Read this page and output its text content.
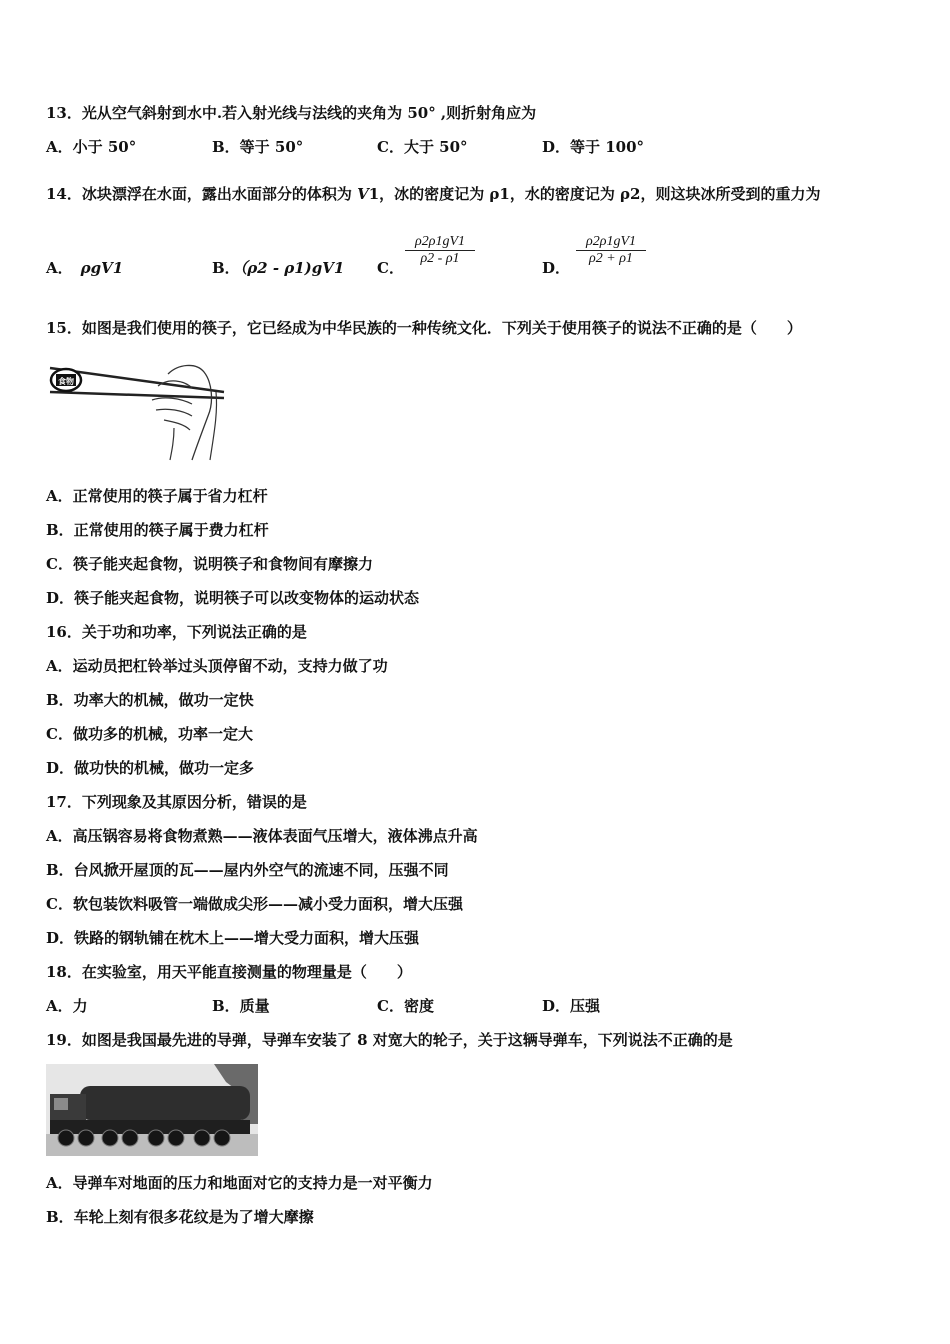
13．光从空气斜射到水中.若入射光线与法线的夹角为 50° ,则折射角应为
A．小于 50°	B．等于 50°	C．大于 50°	D．等于 100°
14．冰块漂浮在水面，露出水面部分的体积为 V1，冰的密度记为 ρ1，水的密度记为 ρ2，则这块冰所受到的重力为
A． ρgV1	B．（ρ2 - ρ1)gV1 C．
$\frac{\rho 2\rho 1gV1}{\rho 2 - \rho 1}$
D．
$\frac{\rho 2\rho 1gV1}{\rho 2 + \rho 1}$
15．如图是我们使用的筷子，它已经成为中华民族的一种传统文化．下列关于使用筷子的说法不正确的是（　　）
食物
A．正常使用的筷子属于省力杠杆
B．正常使用的筷子属于费力杠杆
C．筷子能夹起食物，说明筷子和食物间有摩擦力
D．筷子能夹起食物，说明筷子可以改变物体的运动状态
16．关于功和功率，下列说法正确的是
A．运动员把杠铃举过头顶停留不动，支持力做了功
B．功率大的机械，做功一定快
C．做功多的机械，功率一定大
D．做功快的机械，做功一定多
17．下列现象及其原因分析，错误的是
A．高压锅容易将食物煮熟——液体表面气压增大，液体沸点升高
B．台风掀开屋顶的瓦——屋内外空气的流速不同，压强不同
C．软包装饮料吸管一端做成尖形——减小受力面积，增大压强
D．铁路的钢轨铺在枕木上——增大受力面积，增大压强
18．在实验室，用天平能直接测量的物理量是（　　）
A．力	B．质量	C．密度	D．压强
19．如图是我国最先进的导弹，导弹车安装了 8 对宽大的轮子，关于这辆导弹车，下列说法不正确的是
A．导弹车对地面的压力和地面对它的支持力是一对平衡力
B．车轮上刻有很多花纹是为了增大摩擦
